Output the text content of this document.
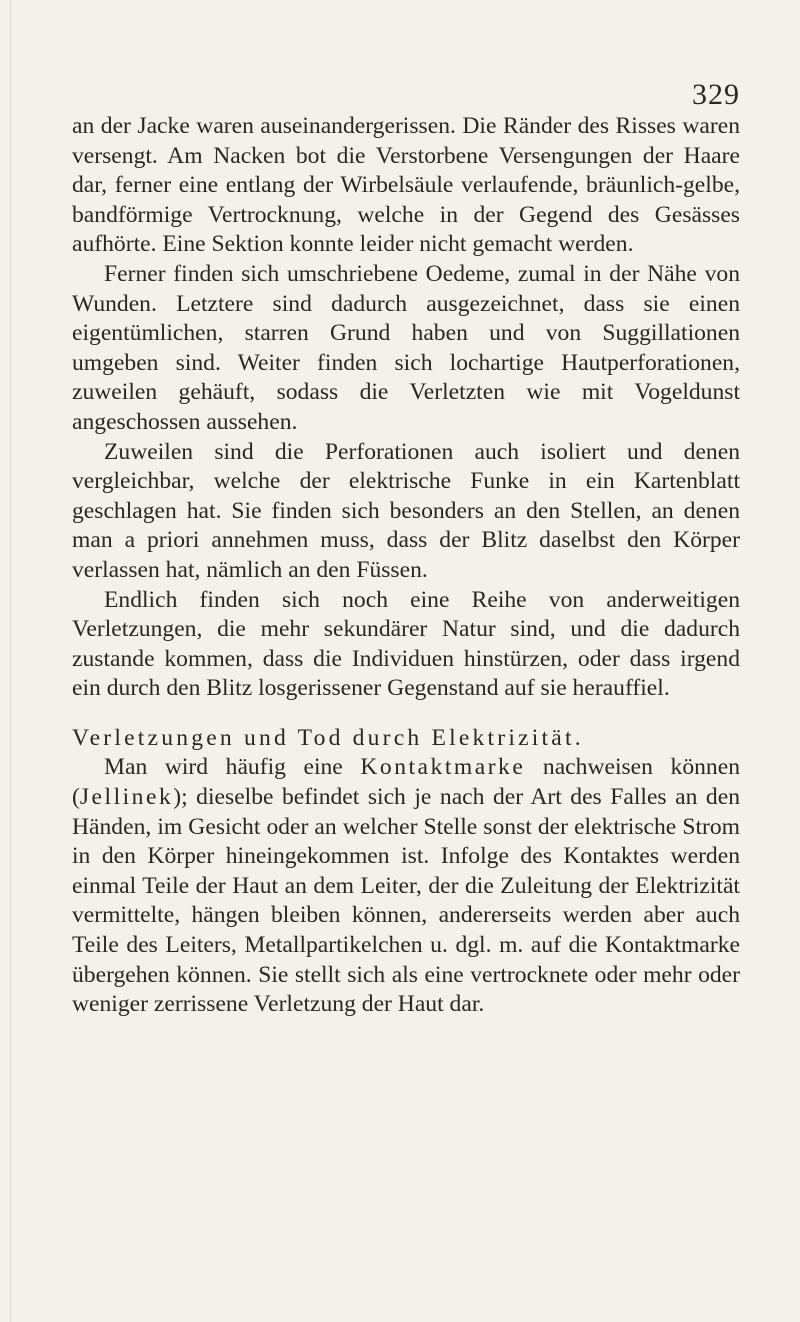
329

an der Jacke waren auseinandergerissen. Die Ränder des Risses waren versengt. Am Nacken bot die Verstorbene Versengungen der Haare dar, ferner eine entlang der Wirbelsäule verlaufende, bräunlich-gelbe, bandförmige Vertrocknung, welche in der Gegend des Gesässes aufhörte. Eine Sektion konnte leider nicht gemacht werden.

Ferner finden sich umschriebene Oedeme, zumal in der Nähe von Wunden. Letztere sind dadurch ausgezeichnet, dass sie einen eigentümlichen, starren Grund haben und von Suggillationen umgeben sind. Weiter finden sich lochartige Hautperforationen, zuweilen gehäuft, sodass die Verletzten wie mit Vogeldunst angeschossen aussehen.

Zuweilen sind die Perforationen auch isoliert und denen vergleichbar, welche der elektrische Funke in ein Kartenblatt geschlagen hat. Sie finden sich besonders an den Stellen, an denen man a priori annehmen muss, dass der Blitz daselbst den Körper verlassen hat, nämlich an den Füssen.

Endlich finden sich noch eine Reihe von anderweitigen Verletzungen, die mehr sekundärer Natur sind, und die dadurch zustande kommen, dass die Individuen hinstürzen, oder dass irgend ein durch den Blitz losgerissener Gegenstand auf sie herauffiel.

Verletzungen und Tod durch Elektrizität.

Man wird häufig eine Kontaktmarke nachweisen können (Jellinek); dieselbe befindet sich je nach der Art des Falles an den Händen, im Gesicht oder an welcher Stelle sonst der elektrische Strom in den Körper hineingekommen ist. Infolge des Kontaktes werden einmal Teile der Haut an dem Leiter, der die Zuleitung der Elektrizität vermittelte, hängen bleiben können, andererseits werden aber auch Teile des Leiters, Metallpartikelchen u. dgl. m. auf die Kontaktmarke übergehen können. Sie stellt sich als eine vertrocknete oder mehr oder weniger zerrissene Verletzung der Haut dar.
